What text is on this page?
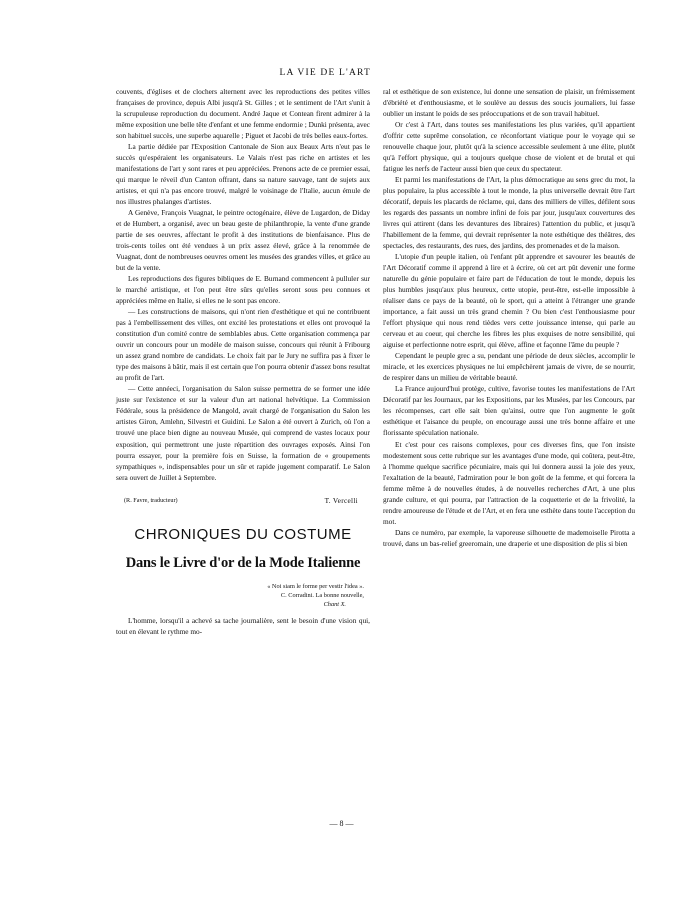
LA VIE DE L'ART

couvents, d'églises et de clochers alternent avec les reproductions des petites villes françaises de province, depuis Albi jusqu'à St. Gilles ; et le sentiment de l'Art s'unit à la scrupuleuse reproduction du document. André Jaque et Contean firent admirer à la même exposition une belle tête d'enfant et une femme endormie ; Dunki présenta, avec son habituel succès, une superbe aquarelle ; Piguet et Jacobi de très belles eaux-fortes.

La partie dédiée par l'Exposition Cantonale de Sion aux Beaux Arts n'eut pas le succès qu'espéraient les organisateurs. Le Valais n'est pas riche en artistes et les manifestations de l'art y sont rares et peu appréciées. Prenons acte de ce premier essai, qui marque le réveil d'un Canton offrant, dans sa nature sauvage, tant de sujets aux artistes, et qui n'a pas encore trouvé, malgré le voisinage de l'Italie, aucun émule de nos illustres phalanges d'artistes.

A Genève, François Vuagnat, le peintre octogénaire, élève de Lugardon, de Diday et de Humbert, a organisé, avec un beau geste de philanthropie, la vente d'une grande partie de ses oeuvres, affectant le profit à des institutions de bienfaisance. Plus de trois-cents toiles ont été vendues à un prix assez élevé, grâce à la renommée de Vuagnat, dont de nombreuses oeuvres ornent les musées des grandes villes, et grâce au but de la vente.

Les reproductions des figures bibliques de E. Burnand commencent à pulluler sur le marché artistique, et l'on peut être sûrs qu'elles seront sous peu connues et appréciées même en Italie, si elles ne le sont pas encore.

— Les constructions de maisons, qui n'ont rien d'esthétique et qui ne contribuent pas à l'embellissement des villes, ont excité les protestations et elles ont provoqué la constitution d'un comité contre de semblables abus. Cette organisation commença par ouvrir un concours pour un modèle de maison suisse, concours qui réunit à Fribourg un assez grand nombre de candidats. Le choix fait par le Jury ne suffira pas à fixer le type des maisons à bâtir, mais il est certain que l'on pourra obtenir d'assez bons resultat au profit de l'art.

— Cette annéeci, l'organisation du Salon suisse permettra de se former une idée juste sur l'existence et sur la valeur d'un art national helvétique. La Commission Fédérale, sous la présidence de Mangold, avait chargé de l'organisation du Salon les artistes Giron, Amlehn, Silvestri et Guidini. Le Salon a été ouvert à Zurich, où l'on a trouvé une place bien digne au nouveau Musée, qui comprend de vastes locaux pour exposition, qui permettront une juste répartition des ouvrages exposés. Ainsi l'on pourra essayer, pour la première fois en Suisse, la formation de « groupements sympathiques », indispensables pour un sûr et rapide jugement comparatif. Le Salon sera ouvert de Juillet à Septembre.

(R. Favre, traducteur)	T. Vercelli
CHRONIQUES DU COSTUME
Dans le Livre d'or de la Mode Italienne
« Noi siam le forme per vestir l'idea ».
C. Corradini. La bonne nouvelle,
Chant X.

L'homme, lorsqu'il a achevé sa tache journalière, sent le besoin d'une vision qui, tout en élevant le rythme mo-

ral et esthétique de son existence, lui donne une sensation de plaisir, un frémissement d'ébriété et d'enthousiasme, et le soulève au dessus des soucis journaliers, lui fasse oublier un instant le poids de ses préoccupations et de son travail habituel.

Or c'est à l'Art, dans toutes ses manifestations les plus variées, qu'il appartient d'offrir cette suprême consolation, ce réconfortant viatique pour le voyage qui se renouvelle chaque jour, plutôt qu'à la science accessible seulement à une élite, plutôt qu'à l'effort physique, qui a toujours quelque chose de violent et de brutal et qui fatigue les nerfs de l'acteur aussi bien que ceux du spectateur.

Et parmi les manifestations de l'Art, la plus démocratique au sens grec du mot, la plus populaire, la plus accessible à tout le monde, la plus universelle devrait être l'art décoratif, depuis les placards de réclame, qui, dans des milliers de villes, défilent sous les regards des passants un nombre infini de fois par jour, jusqu'aux couvertures des livres qui attirent (dans les devantures des libraires) l'attention du public, et jusqu'à l'habillement de la femme, qui devrait représenter la note esthétique des théâtres, des spectacles, des restaurants, des rues, des jardins, des promenades et de la maison.

L'utopie d'un peuple italien, où l'enfant pût apprendre et savourer les beautés de l'Art Décoratif comme il apprend à lire et à écrire, où cet art pût devenir une forme naturelle du génie populaire et faire part de l'éducation de tout le monde, depuis les plus humbles jusqu'aux plus heureux, cette utopie, peut-être, est-elle impossible à réaliser dans ce pays de la beauté, où le sport, qui a atteint à l'étranger une grande importance, a fait aussi un très grand chemin ? Ou bien c'est l'enthousiasme pour l'effort physique qui nous rend tièdes vers cette jouissance intense, qui parle au cerveau et au coeur, qui cherche les fibres les plus exquises de notre sensibilité, qui aiguise et perfectionne notre esprit, qui élève, affine et façonne l'âme du peuple ?

Cependant le peuple grec a su, pendant une période de deux siècles, accomplir le miracle, et les exercices physiques ne lui empêchèrent jamais de vivre, de se nourrir, de respirer dans un milieu de véritable beauté.

La France aujourd'hui protège, cultive, favorise toutes les manifestations de l'Art Décoratif par les Journaux, par les Expositions, par les Musées, par les Concours, par les récompenses, cart elle sait bien qu'ainsi, outre que l'on augmente le goût esthétique et l'aisance du peuple, on encourage aussi une très bonne affaire et une florissante spéculation nationale.

Et c'est pour ces raisons complexes, pour ces diverses fins, que l'on insiste modestement sous cette rubrique sur les avantages d'une mode, qui coûtera, peut-être, à l'homme quelque sacrifice pécuniaire, mais qui lui donnera aussi la joie des yeux, l'exaltation de la beauté, l'admiration pour le bon goût de la femme, et qui forcera la femme même à de nouvelles études, à de nouvelles recherches d'Art, à une plus grande culture, et qui pourra, par l'attraction de la coquetterie et de la frivolité, la rendre amoureuse de l'étude et de l'Art, et en fera une esthète dans toute l'acception du mot.

Dans ce numéro, par exemple, la vaporeuse silhouette de mademoiselle Pirotta a trouvé, dans un bas-relief greeromain, une draperie et une disposition de plis si bien

— 8 —
